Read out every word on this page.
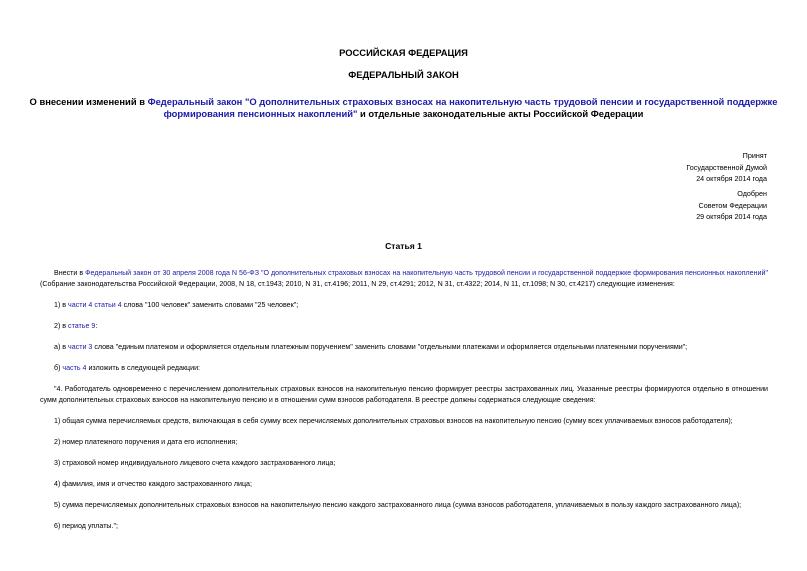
РОССИЙСКАЯ ФЕДЕРАЦИЯ
ФЕДЕРАЛЬНЫЙ ЗАКОН
О внесении изменений в Федеральный закон "О дополнительных страховых взносах на накопительную часть трудовой пенсии и государственной поддержке формирования пенсионных накоплений" и отдельные законодательные акты Российской Федерации
Принят
Государственной Думой
24 октября 2014 года
Одобрен
Советом Федерации
29 октября 2014 года
Статья 1
Внести в Федеральный закон от 30 апреля 2008 года N 56-ФЗ "О дополнительных страховых взносах на накопительную часть трудовой пенсии и государственной поддержке формирования пенсионных накоплений" (Собрание законодательства Российской Федерации, 2008, N 18, ст.1943; 2010, N 31, ст.4196; 2011, N 29, ст.4291; 2012, N 31, ст.4322; 2014, N 11, ст.1098; N 30, ст.4217) следующие изменения:
1) в части 4 статьи 4 слова "100 человек" заменить словами "25 человек";
2) в статье 9:
а) в части 3 слова "единым платежом и оформляется отдельным платежным поручением" заменить словами "отдельными платежами и оформляется отдельными платежными поручениями";
б) часть 4 изложить в следующей редакции:
"4. Работодатель одновременно с перечислением дополнительных страховых взносов на накопительную пенсию формирует реестры застрахованных лиц. Указанные реестры формируются отдельно в отношении сумм дополнительных страховых взносов на накопительную пенсию и в отношении сумм взносов работодателя. В реестре должны содержаться следующие сведения:
1) общая сумма перечисляемых средств, включающая в себя сумму всех перечисляемых дополнительных страховых взносов на накопительную пенсию (сумму всех уплачиваемых взносов работодателя);
2) номер платежного поручения и дата его исполнения;
3) страховой номер индивидуального лицевого счета каждого застрахованного лица;
4) фамилия, имя и отчество каждого застрахованного лица;
5) сумма перечисляемых дополнительных страховых взносов на накопительную пенсию каждого застрахованного лица (сумма взносов работодателя, уплачиваемых в пользу каждого застрахованного лица);
6) период уплаты.";
